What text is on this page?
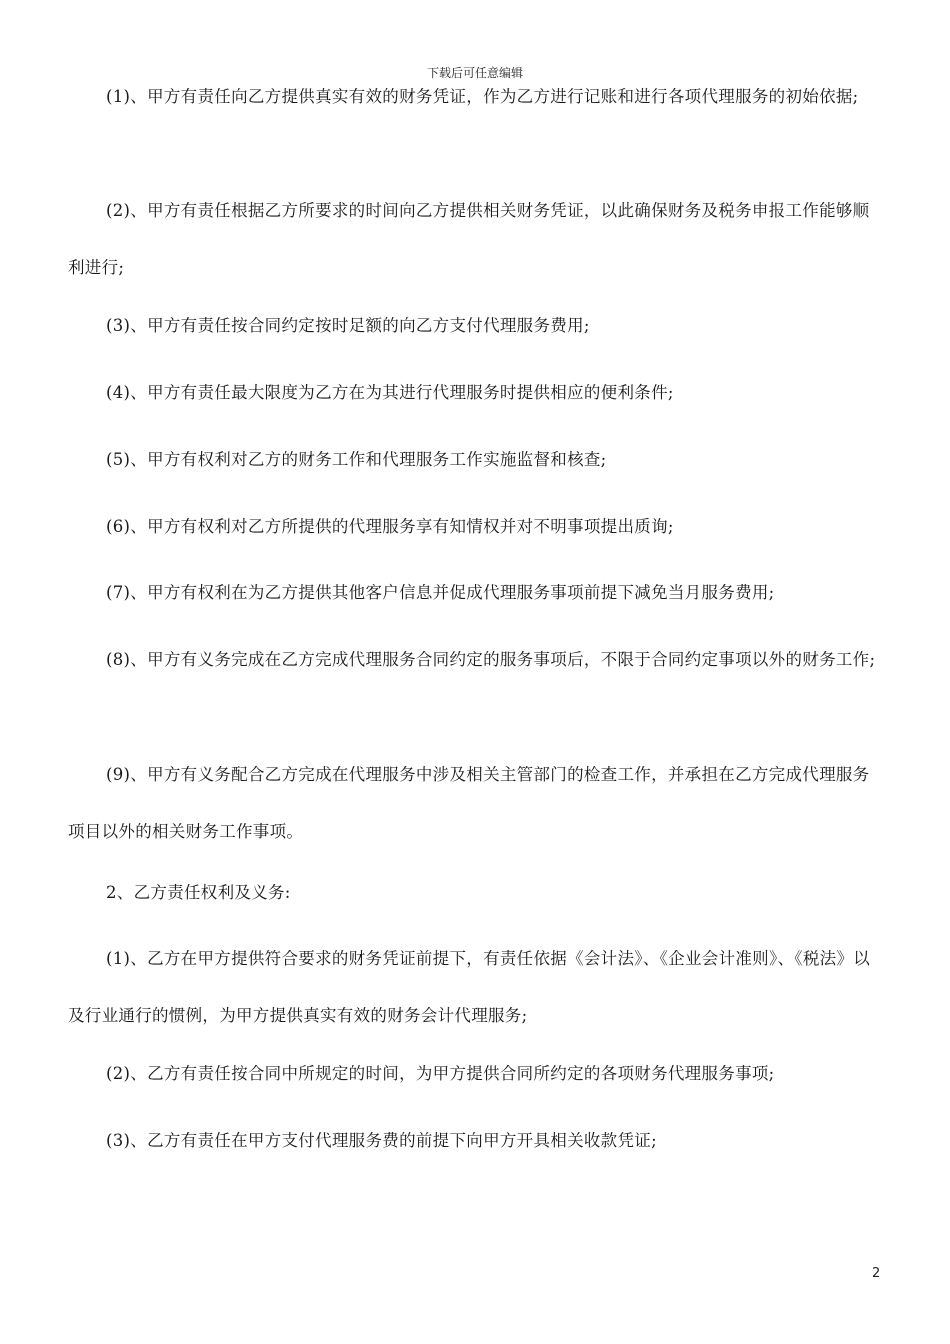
下载后可任意编辑

(1)、甲方有责任向乙方提供真实有效的财务凭证，作为乙方进行记账和进行各项代理服务的初始依据;

(2)、甲方有责任根据乙方所要求的时间向乙方提供相关财务凭证，以此确保财务及税务申报工作能够顺利进行;

(3)、甲方有责任按合同约定按时足额的向乙方支付代理服务费用;

(4)、甲方有责任最大限度为乙方在为其进行代理服务时提供相应的便利条件;

(5)、甲方有权利对乙方的财务工作和代理服务工作实施监督和核查;

(6)、甲方有权利对乙方所提供的代理服务享有知情权并对不明事项提出质询;

(7)、甲方有权利在为乙方提供其他客户信息并促成代理服务事项前提下减免当月服务费用;

(8)、甲方有义务完成在乙方完成代理服务合同约定的服务事项后，不限于合同约定事项以外的财务工作;

(9)、甲方有义务配合乙方完成在代理服务中涉及相关主管部门的检查工作，并承担在乙方完成代理服务项目以外的相关财务工作事项。

2、乙方责任权利及义务:

(1)、乙方在甲方提供符合要求的财务凭证前提下，有责任依据《会计法》、《企业会计准则》、《税法》以及行业通行的惯例，为甲方提供真实有效的财务会计代理服务;

(2)、乙方有责任按合同中所规定的时间，为甲方提供合同所约定的各项财务代理服务事项;

(3)、乙方有责任在甲方支付代理服务费的前提下向甲方开具相关收款凭证;

2
